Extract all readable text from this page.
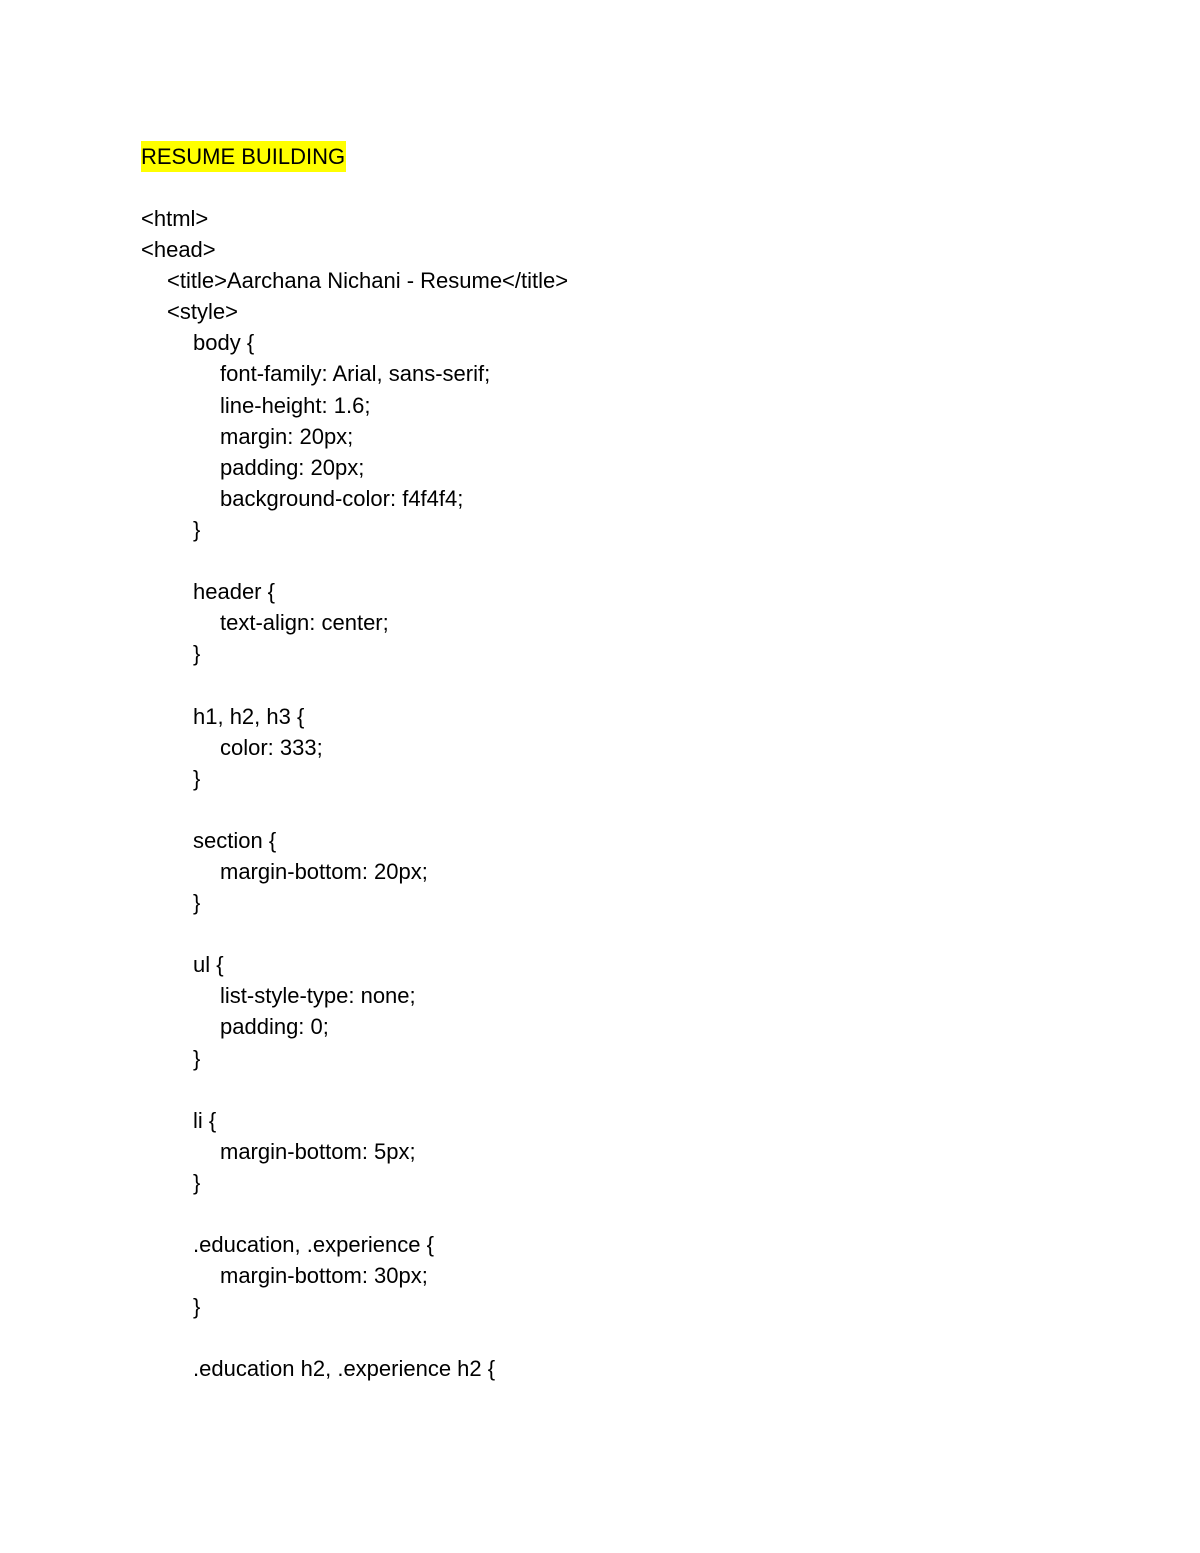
RESUME BUILDING
<html>
<head>
<title>Aarchana Nichani - Resume</title>
<style>
body {
font-family: Arial, sans-serif;
line-height: 1.6;
margin: 20px;
padding: 20px;
background-color: f4f4f4;
}

header {
text-align: center;
}

h1, h2, h3 {
color: 333;
}

section {
margin-bottom: 20px;
}

ul {
list-style-type: none;
padding: 0;
}

li {
margin-bottom: 5px;
}

.education, .experience {
margin-bottom: 30px;
}

.education h2, .experience h2 {
